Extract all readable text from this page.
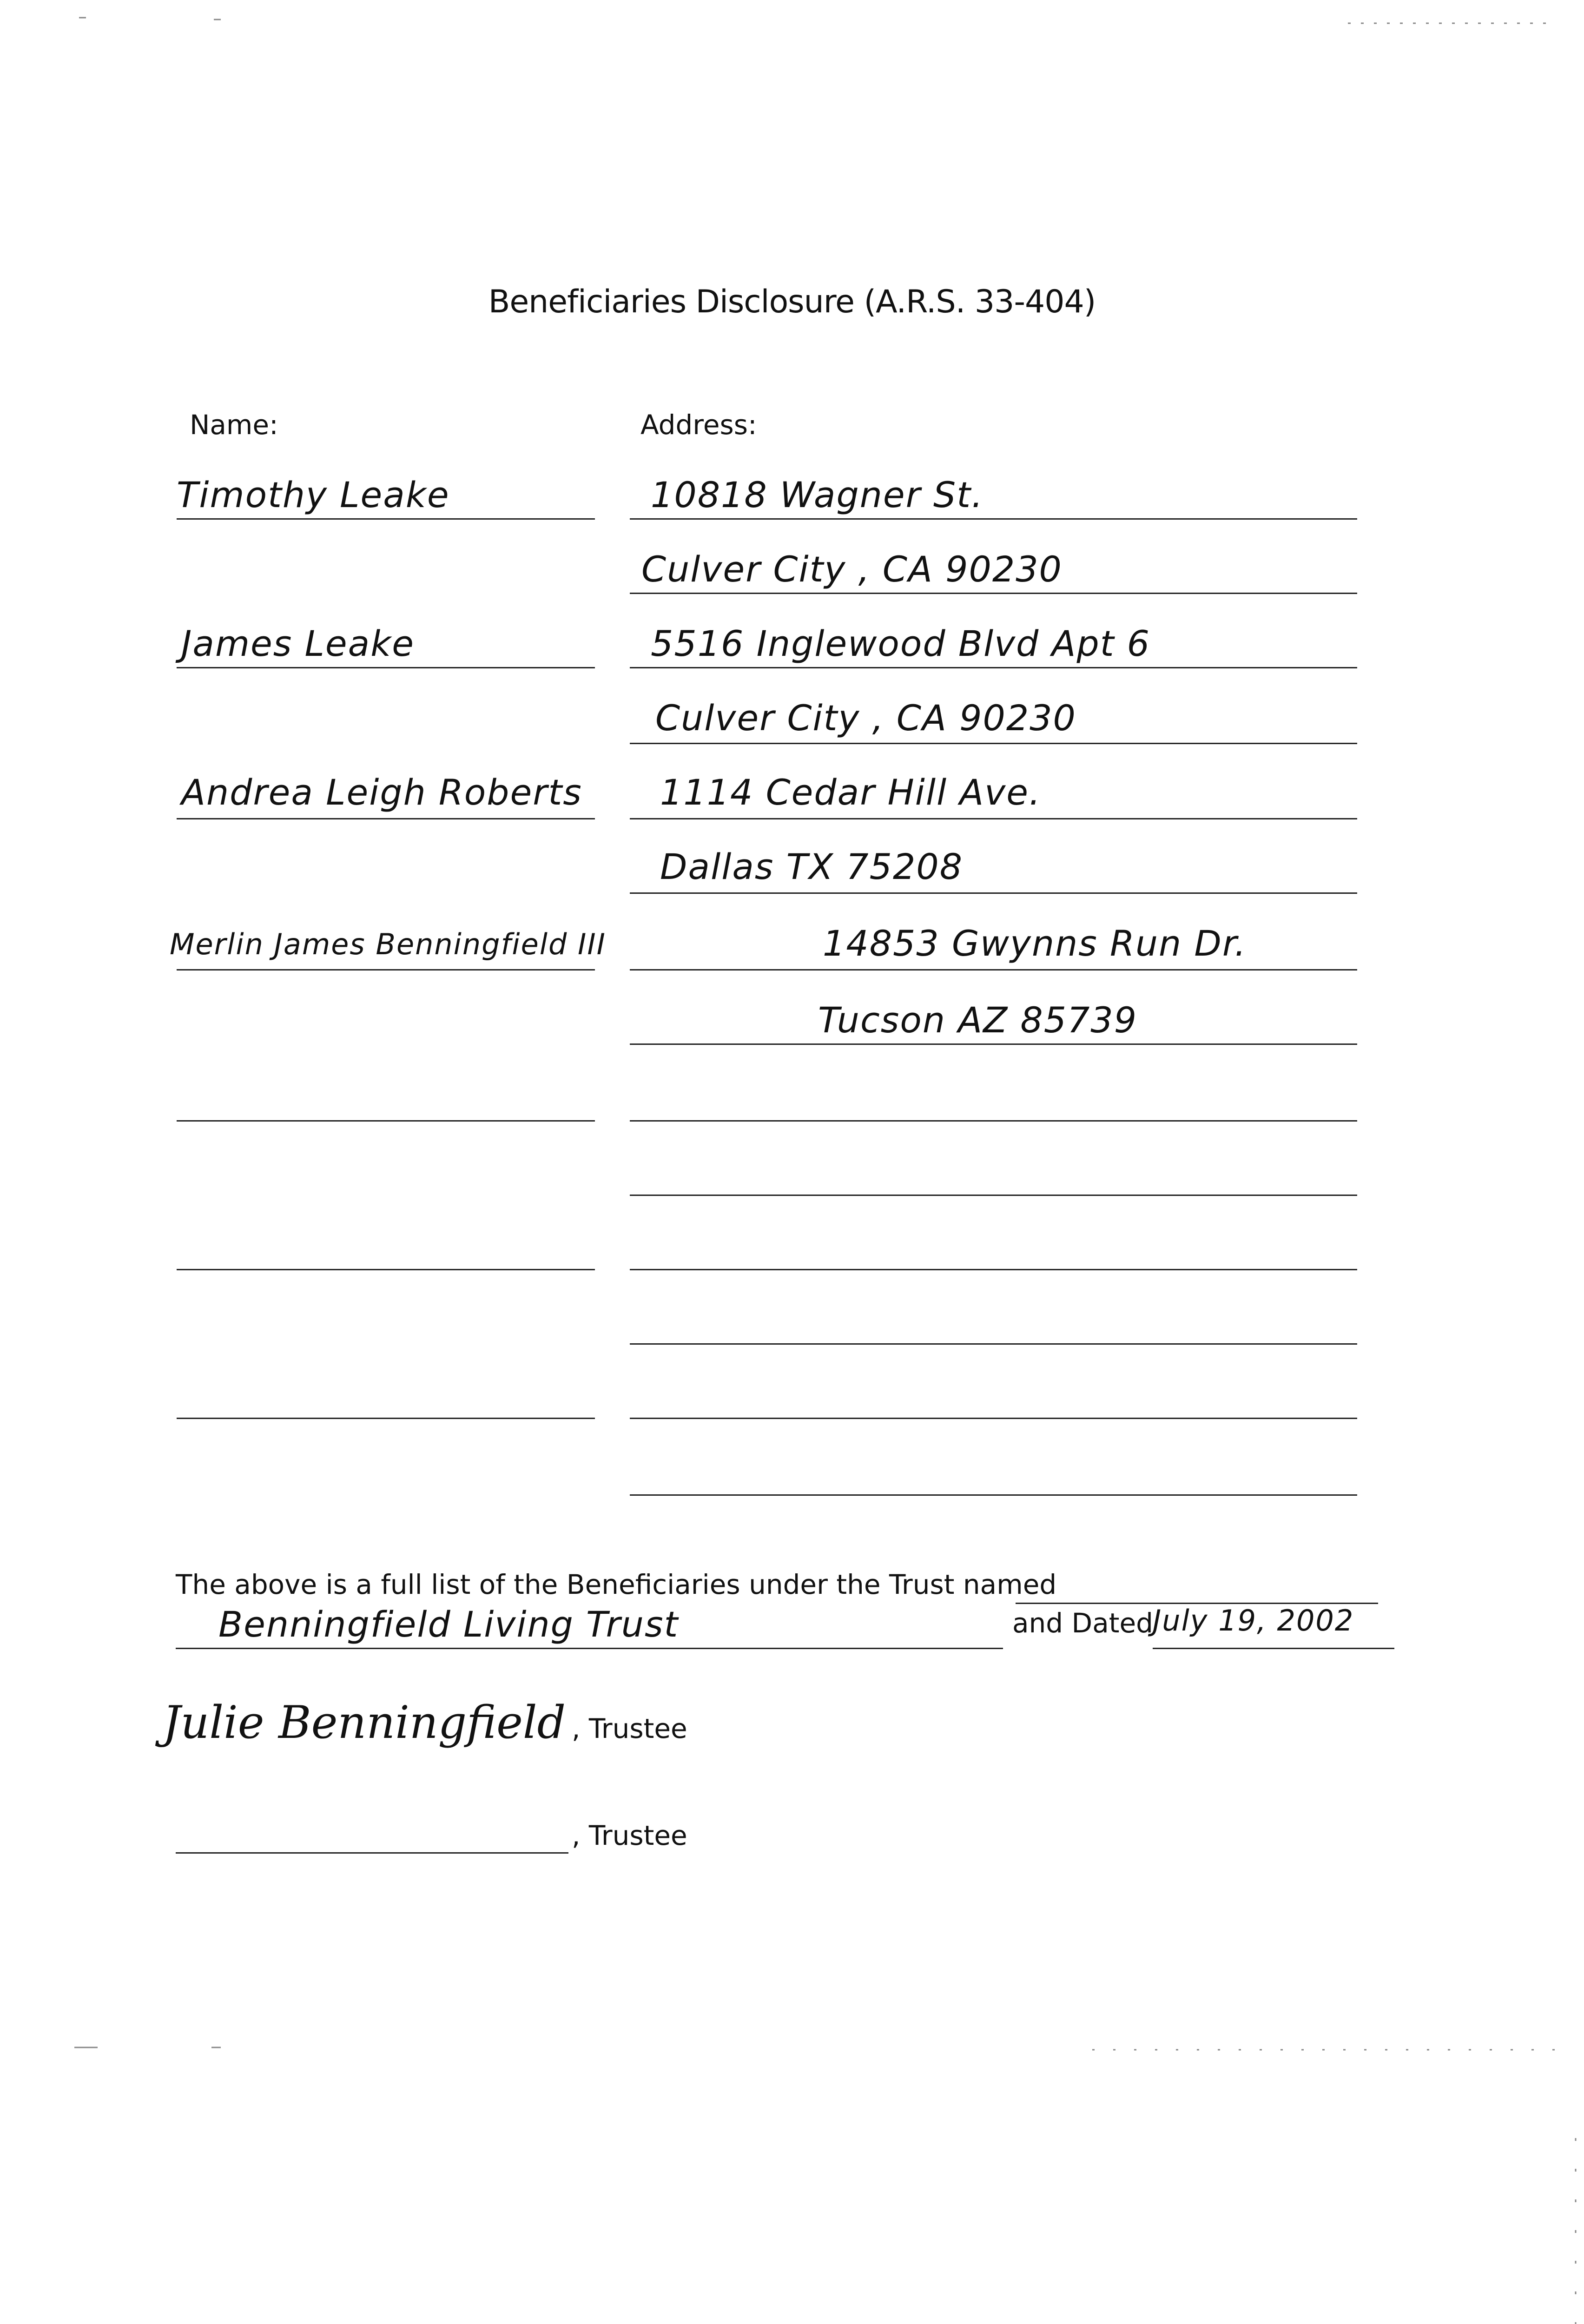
Beneficiaries Disclosure (A.R.S. 33-404)
Name:	Address:
Timothy Leake	10818 Wagner St.
Culver City , CA 90230
James Leake	5516 Inglewood Blvd Apt 6
Culver City , CA 90230
Andrea Leigh Roberts 1114 Cedar Hill Ave.
Dallas TX 75208
Merlin James Benningfield III	14853 Gwynns Run Dr.
Tucson AZ 85739
The above is a full list of the Beneficiaries under the Trust named
Benningfield Living Trust	and Dated July 19, 2002
Julie Benningfield , Trustee
, Trustee
